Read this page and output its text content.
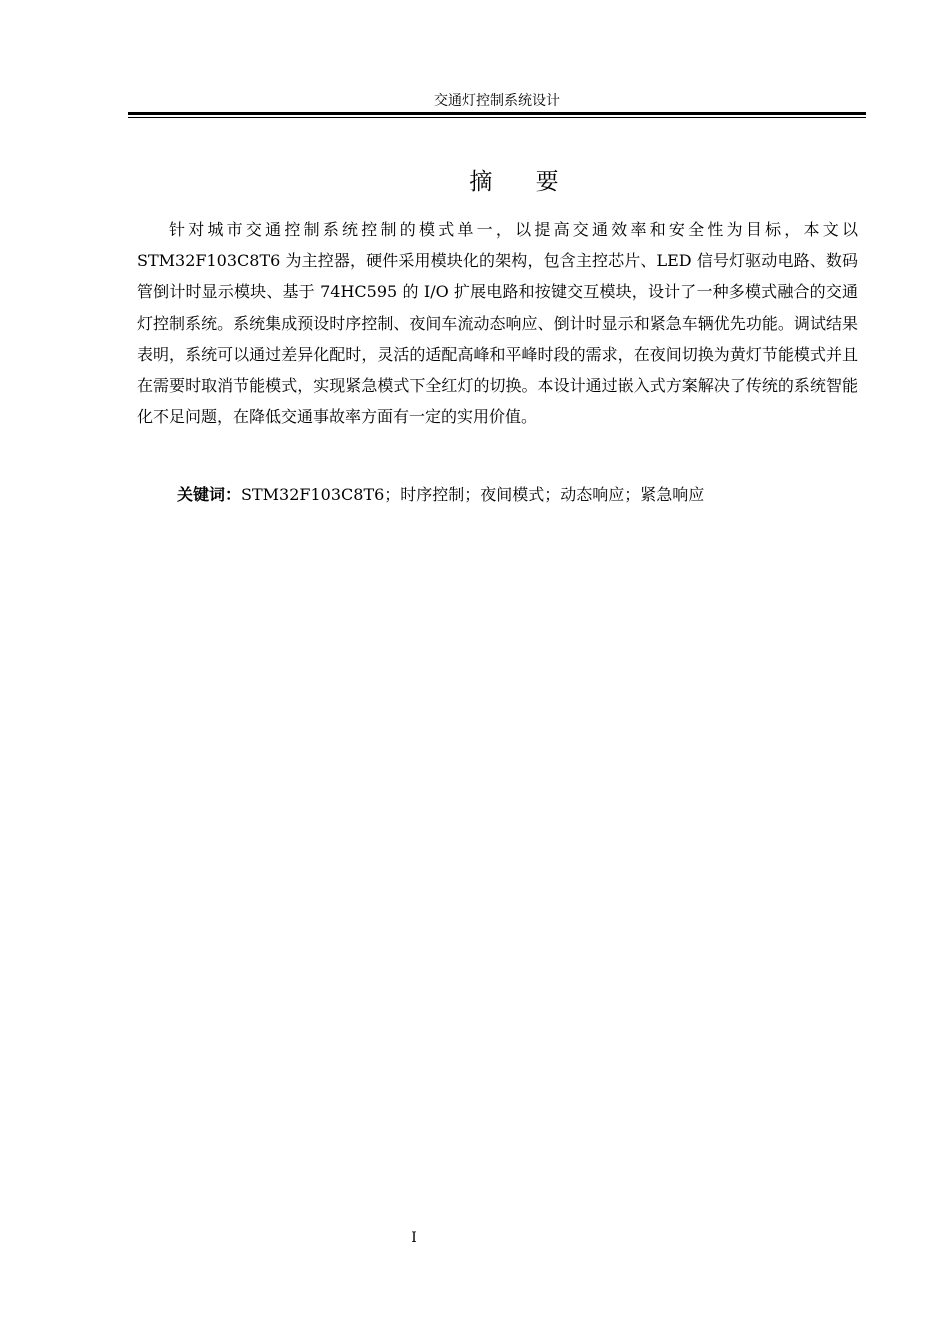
交通灯控制系统设计
摘 要

针对城市交通控制系统控制的模式单一，以提高交通效率和安全性为目标，本文以 STM32F103C8T6 为主控器，硬件采用模块化的架构，包含主控芯片、LED 信号灯驱动电路、数码管倒计时显示模块、基于 74HC595 的 I/O 扩展电路和按键交互模块，设计了一种多模式融合的交通灯控制系统。系统集成预设时序控制、夜间车流动态响应、倒计时显示和紧急车辆优先功能。调试结果表明，系统可以通过差异化配时，灵活的适配高峰和平峰时段的需求，在夜间切换为黄灯节能模式并且在需要时取消节能模式，实现紧急模式下全红灯的切换。本设计通过嵌入式方案解决了传统的系统智能化不足问题，在降低交通事故率方面有一定的实用价值。

关键词：STM32F103C8T6；时序控制；夜间模式；动态响应；紧急响应

I
